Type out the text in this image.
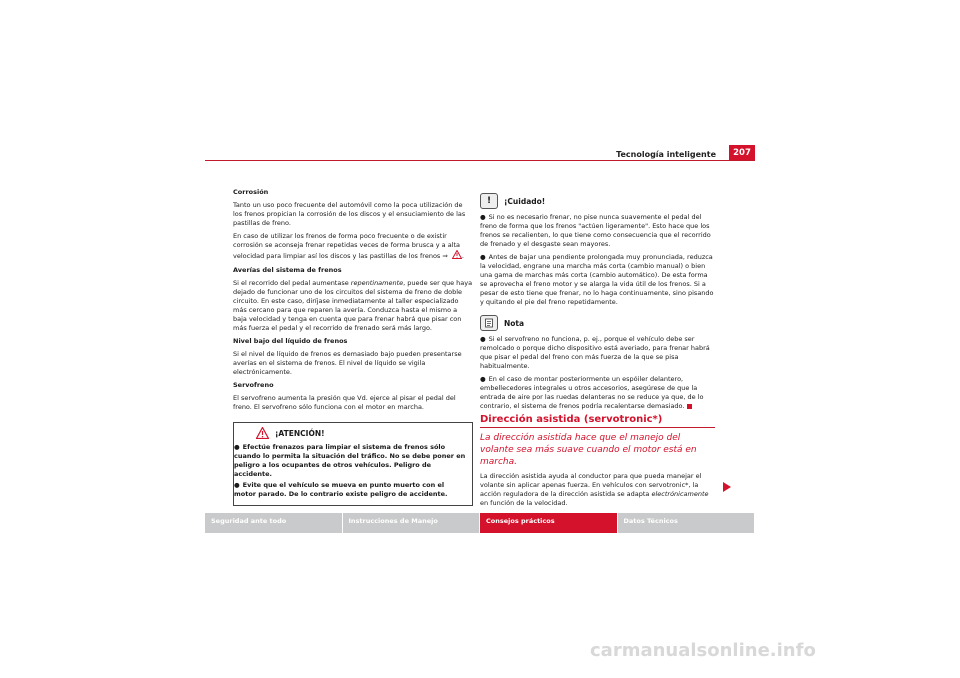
Tecnología inteligente	207

Corrosión

Tanto un uso poco frecuente del automóvil como la poca utilización de los frenos propician la corrosión de los discos y el ensuciamiento de las pastillas de freno.

En caso de utilizar los frenos de forma poco frecuente o de existir corrosión se aconseja frenar repetidas veces de forma brusca y a alta velocidad para limpiar así los discos y las pastillas de los frenos ⇒ .

Averías del sistema de frenos

Si el recorrido del pedal aumentase repentinamente, puede ser que haya dejado de funcionar uno de los circuitos del sistema de freno de doble circuito. En este caso, diríjase inmediatamente al taller especializado más cercano para que reparen la avería. Conduzca hasta el mismo a baja velocidad y tenga en cuenta que para frenar habrá que pisar con más fuerza el pedal y el recorrido de frenado será más largo.

Nivel bajo del líquido de frenos

Si el nivel de líquido de frenos es demasiado bajo pueden presentarse averías en el sistema de frenos. El nivel de líquido se vigila electrónicamente.

Servofreno

El servofreno aumenta la presión que Vd. ejerce al pisar el pedal del freno. El servofreno sólo funciona con el motor en marcha.

¡ATENCIÓN!

● Efectúe frenazos para limpiar el sistema de frenos sólo cuando lo permita la situación del tráfico. No se debe poner en peligro a los ocupantes de otros vehículos. Peligro de accidente.

● Evite que el vehículo se mueva en punto muerto con el motor parado. De lo contrario existe peligro de accidente.

!	¡Cuidado!

● Si no es necesario frenar, no pise nunca suavemente el pedal del freno de forma que los frenos "actúen ligeramente". Esto hace que los frenos se recalienten, lo que tiene como consecuencia que el recorrido de frenado y el desgaste sean mayores.

● Antes de bajar una pendiente prolongada muy pronunciada, reduzca la velocidad, engrane una marcha más corta (cambio manual) o bien una gama de marchas más corta (cambio automático). De esta forma se aprovecha el freno motor y se alarga la vida útil de los frenos. Si a pesar de esto tiene que frenar, no lo haga continuamente, sino pisando y quitando el pie del freno repetidamente.

Nota

● Si el servofreno no funciona, p. ej., porque el vehículo debe ser remolcado o porque dicho dispositivo está averiado, para frenar habrá que pisar el pedal del freno con más fuerza de la que se pisa habitualmente.

● En el caso de montar posteriormente un espóiler delantero, embellecedores integrales u otros accesorios, asegúrese de que la entrada de aire por las ruedas delanteras no se reduce ya que, de lo contrario, el sistema de frenos podría recalentarse demasiado.

Dirección asistida (servotronic*)

La dirección asistida hace que el manejo del volante sea más suave cuando el motor está en marcha.

La dirección asistida ayuda al conductor para que pueda manejar el volante sin aplicar apenas fuerza. En vehículos con servotronic*, la acción reguladora de la dirección asistida se adapta electrónicamente en función de la velocidad.

Seguridad ante todo	Instrucciones de Manejo	Consejos prácticos	Datos Técnicos
carmanualsonline.info
